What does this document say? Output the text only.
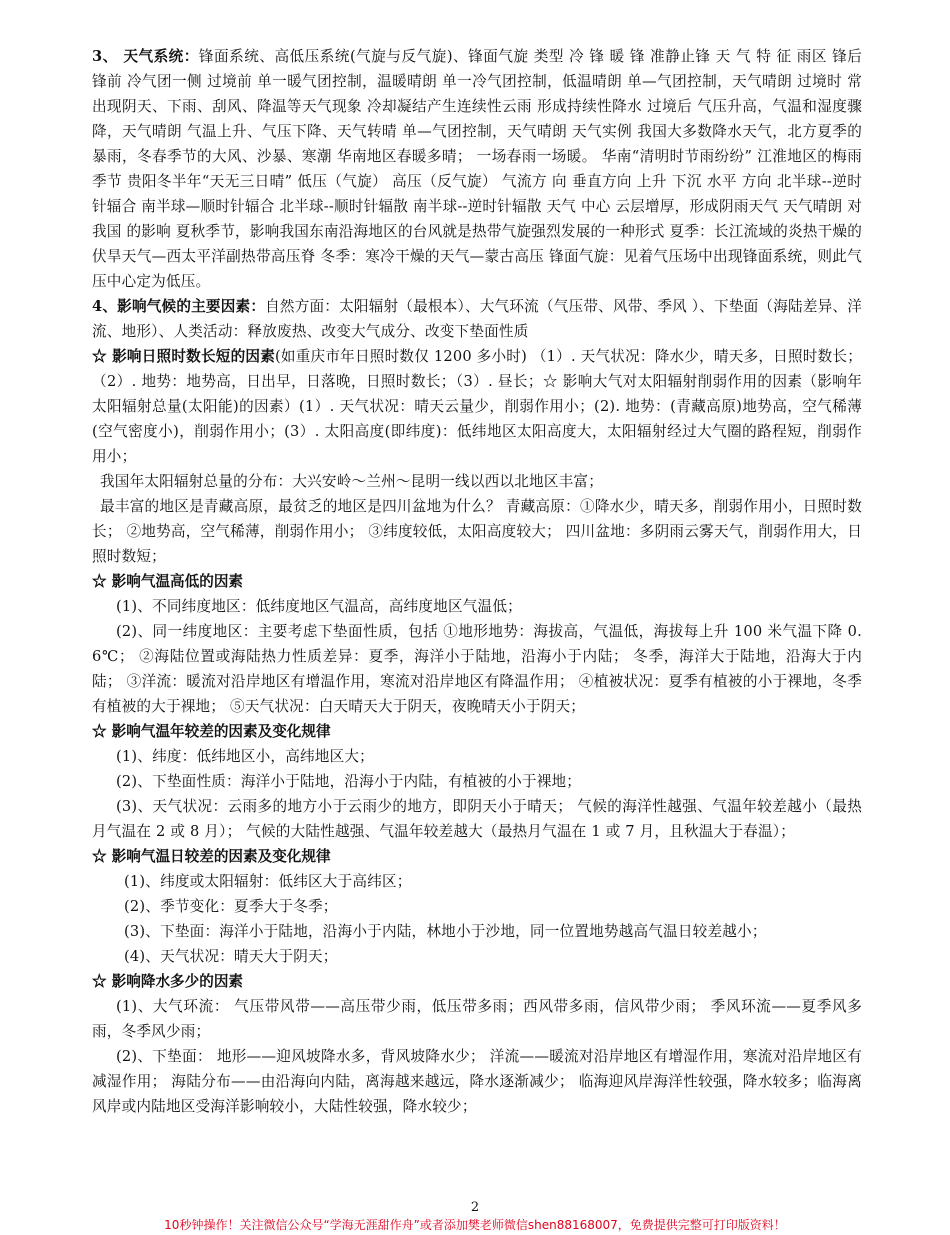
3、 天气系统：锋面系统、高低压系统(气旋与反气旋)、锋面气旋 类型 冷 锋 暖 锋 准静止锋 天 气 特 征 雨区 锋后 锋前 冷气团一侧 过境前 单一暖气团控制，温暖晴朗 单一冷气团控制，低温晴朗 单—气团控制，天气晴朗 过境时 常出现阴天、下雨、刮风、降温等天气现象 冷却凝结产生连续性云雨 形成持续性降水 过境后 气压升高，气温和湿度骤降，天气晴朗 气温上升、气压下降、天气转晴 单—气团控制，天气晴朗 天气实例 我国大多数降水天气，北方夏季的暴雨，冬春季节的大风、沙暴、寒潮 华南地区春暖多晴； 一场春雨一场暖。 华南“清明时节雨纷纷” 江淮地区的梅雨季节 贵阳冬半年“天无三日晴” 低压（气旋） 高压（反气旋） 气流方 向 垂直方向 上升 下沉 水平 方向 北半球--逆时针辐合 南半球—顺时针辐合 北半球--顺时针辐散 南半球--逆时针辐散 天气 中心 云层增厚，形成阴雨天气 天气晴朗 对我国 的影响 夏秋季节，影响我国东南沿海地区的台风就是热带气旋强烈发展的一种形式 夏季：长江流域的炎热干燥的伏旱天气—西太平洋副热带高压脊 冬季：寒冷干燥的天气—蒙古高压 锋面气旋：见着气压场中出现锋面系统，则此气压中心定为低压。

4、影响气候的主要因素：自然方面：太阳辐射（最根本）、大气环流（气压带、风带、季风 ）、下垫面（海陆差异、洋流、地形）、人类活动：释放废热、改变大气成分、改变下垫面性质

☆ 影响日照时数长短的因素(如重庆市年日照时数仅 1200 多小时) （1）. 天气状况：降水少，晴天多，日照时数长；（2）. 地势：地势高，日出早，日落晚，日照时数长；（3）. 昼长；☆ 影响大气对太阳辐射削弱作用的因素（影响年太阳辐射总量(太阳能)的因素）(1）. 天气状况：晴天云量少，削弱作用小；(2). 地势：(青藏高原)地势高，空气稀薄(空气密度小)，削弱作用小；(3）. 太阳高度(即纬度)：低纬地区太阳高度大，太阳辐射经过大气圈的路程短，削弱作用小；

我国年太阳辐射总量的分布：大兴安岭～兰州～昆明一线以西以北地区丰富；

最丰富的地区是青藏高原，最贫乏的地区是四川盆地为什么？ 青藏高原：①降水少，晴天多，削弱作用小，日照时数长； ②地势高，空气稀薄，削弱作用小； ③纬度较低，太阳高度较大； 四川盆地：多阴雨云雾天气，削弱作用大，日照时数短；

☆ 影响气温高低的因素

(1)、不同纬度地区：低纬度地区气温高，高纬度地区气温低；

(2)、同一纬度地区：主要考虑下垫面性质，包括 ①地形地势：海拔高，气温低，海拔每上升 100 米气温下降 0.6℃； ②海陆位置或海陆热力性质差异：夏季，海洋小于陆地，沿海小于内陆； 冬季，海洋大于陆地，沿海大于内陆； ③洋流：暖流对沿岸地区有增温作用，寒流对沿岸地区有降温作用； ④植被状况：夏季有植被的小于裸地，冬季有植被的大于裸地； ⑤天气状况：白天晴天大于阴天，夜晚晴天小于阴天；

☆ 影响气温年较差的因素及变化规律

(1)、纬度：低纬地区小，高纬地区大；

(2)、下垫面性质：海洋小于陆地，沿海小于内陆，有植被的小于裸地；

(3)、天气状况：云雨多的地方小于云雨少的地方，即阴天小于晴天； 气候的海洋性越强、气温年较差越小（最热月气温在 2 或 8 月）； 气候的大陆性越强、气温年较差越大（最热月气温在 1 或 7 月，且秋温大于春温）；

☆ 影响气温日较差的因素及变化规律

(1)、纬度或太阳辐射：低纬区大于高纬区；

(2)、季节变化：夏季大于冬季；

(3)、下垫面：海洋小于陆地，沿海小于内陆，林地小于沙地，同一位置地势越高气温日较差越小；

(4)、天气状况：晴天大于阴天；

☆ 影响降水多少的因素

(1)、大气环流： 气压带风带——高压带少雨，低压带多雨；西风带多雨，信风带少雨； 季风环流——夏季风多雨，冬季风少雨；

(2)、下垫面： 地形——迎风坡降水多，背风坡降水少； 洋流——暖流对沿岸地区有增湿作用，寒流对沿岸地区有减湿作用； 海陆分布——由沿海向内陆，离海越来越远，降水逐渐减少； 临海迎风岸海洋性较强，降水较多；临海离风岸或内陆地区受海洋影响较小，大陆性较强，降水较少；

2
10秒钟操作！关注微信公众号“学海无涯甜作舟”或者添加樊老师微信shen88168007，免费提供完整可打印版资料！
